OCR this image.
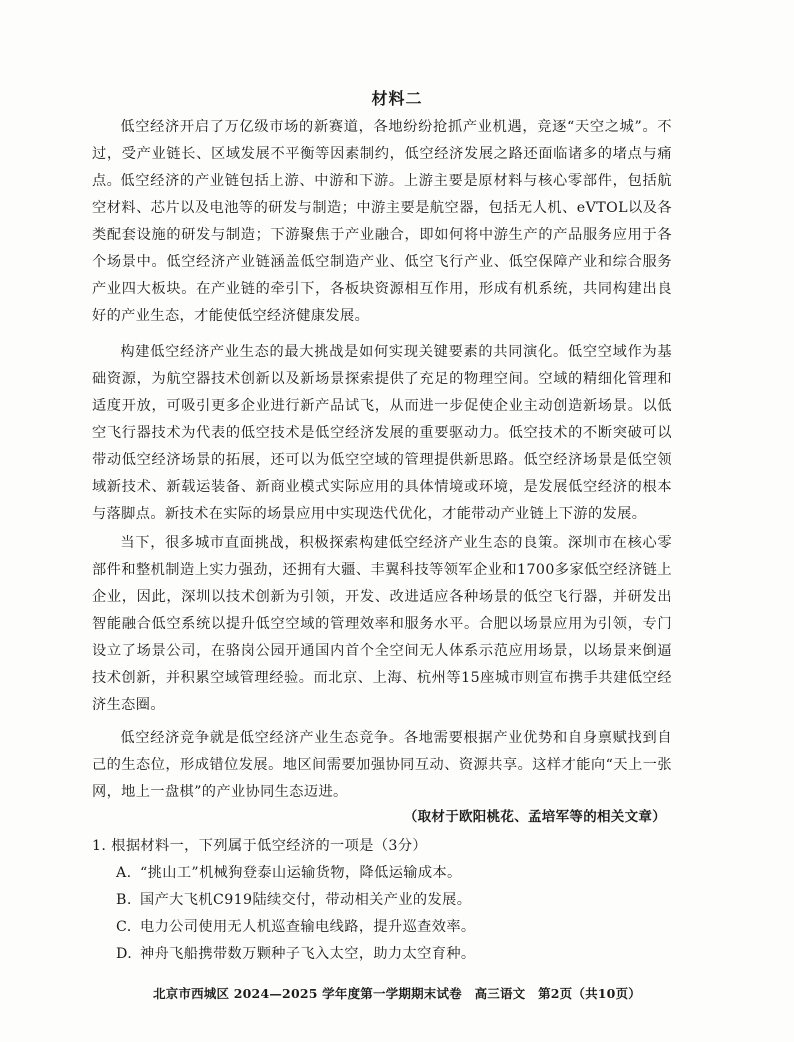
材料二

低空经济开启了万亿级市场的新赛道，各地纷纷抢抓产业机遇，竞逐“天空之城”。不过，受产业链长、区域发展不平衡等因素制约，低空经济发展之路还面临诸多的堵点与痛点。 低空经济的产业链包括上游、中游和下游。上游主要是原材料与核心零部件，包括航空材料、芯片以及电池等的研发与制造；中游主要是航空器，包括无人机、eVTOL以及各类配套设施的研发与制造；下游聚焦于产业融合，即如何将中游生产的产品服务应用于各个场景中。低空经济产业链涵盖低空制造产业、低空飞行产业、低空保障产业和综合服务产业四大板块。在产业链的牵引下，各板块资源相互作用，形成有机系统，共同构建出良好的产业生态，才能使低空经济健康发展。

构建低空经济产业生态的最大挑战是如何实现关键要素的共同演化。低空空域作为基础资源，为航空器技术创新以及新场景探索提供了充足的物理空间。空域的精细化管理和适度开放，可吸引更多企业进行新产品试飞，从而进一步促使企业主动创造新场景。以低空飞行器技术为代表的低空技术是低空经济发展的重要驱动力。低空技术的不断突破可以带动低空经济场景的拓展，还可以为低空空域的管理提供新思路。低空经济场景是低空领域新技术、新载运装备、新商业模式实际应用的具体情境或环境，是发展低空经济的根本与落脚点。新技术在实际的场景应用中实现迭代优化，才能带动产业链上下游的发展。

当下，很多城市直面挑战，积极探索构建低空经济产业生态的良策。深圳市在核心零部件和整机制造上实力强劲，还拥有大疆、丰翼科技等领军企业和1700多家低空经济链上企业，因此，深圳以技术创新为引领，开发、改进适应各种场景的低空飞行器，并研发出智能融合低空系统以提升低空空域的管理效率和服务水平。合肥以场景应用为引领，专门设立了场景公司，在骆岗公园开通国内首个全空间无人体系示范应用场景，以场景来倒逼技术创新，并积累空域管理经验。而北京、上海、杭州等15座城市则宣布携手共建低空经济生态圈。

低空经济竞争就是低空经济产业生态竞争。各地需要根据产业优势和自身禀赋找到自己的生态位，形成错位发展。地区间需要加强协同互动、资源共享。这样才能向“天上一张网，地上一盘棋”的产业协同生态迈进。

（取材于欧阳桃花、孟培军等的相关文章）
1. 根据材料一，下列属于低空经济的一项是（3分）
A. “挑山工”机械狗登泰山运输货物，降低运输成本。
B. 国产大飞机C919陆续交付，带动相关产业的发展。
C. 电力公司使用无人机巡查输电线路，提升巡查效率。
D. 神舟飞船携带数万颗种子飞入太空，助力太空育种。
北京市西城区 2024—2025 学年度第一学期期末试卷　高三语文　第2页（共10页）
